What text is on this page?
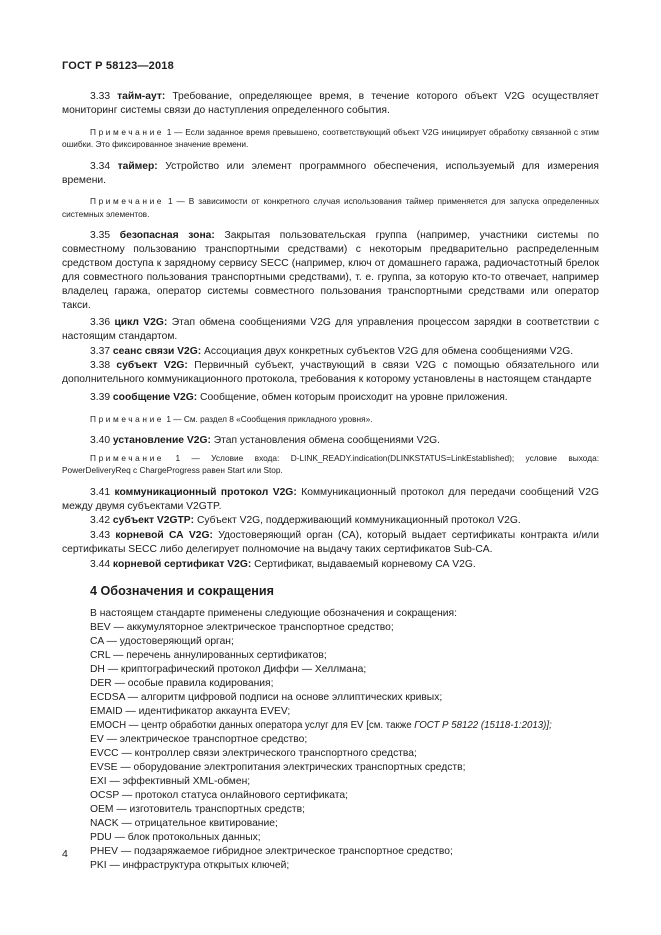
ГОСТ Р 58123—2018

3.33 тайм-аут: Требование, определяющее время, в течение которого объект V2G осуществляет мониторинг системы связи до наступления определенного события.

Примечание 1 — Если заданное время превышено, соответствующий объект V2G инициирует обработку связанной с этим ошибки. Это фиксированное значение времени.

3.34 таймер: Устройство или элемент программного обеспечения, используемый для измерения времени.

Примечание 1 — В зависимости от конкретного случая использования таймер применяется для запуска определенных системных элементов.

3.35 безопасная зона: Закрытая пользовательская группа (например, участники системы по совместному пользованию транспортными средствами) с некоторым предварительно распределенным средством доступа к зарядному сервису SECC (например, ключ от домашнего гаража, радиочастотный брелок для совместного пользования транспортными средствами), т. е. группа, за которую кто-то отвечает, например владелец гаража, оператор системы совместного пользования транспортными средствами или оператор такси.

3.36 цикл V2G: Этап обмена сообщениями V2G для управления процессом зарядки в соответствии с настоящим стандартом.

3.37 сеанс связи V2G: Ассоциация двух конкретных субъектов V2G для обмена сообщениями V2G.

3.38 субъект V2G: Первичный субъект, участвующий в связи V2G с помощью обязательного или дополнительного коммуникационного протокола, требования к которому установлены в настоящем стандарте

3.39 сообщение V2G: Сообщение, обмен которым происходит на уровне приложения.

Примечание 1 — См. раздел 8 «Сообщения прикладного уровня».

3.40 установление V2G: Этап установления обмена сообщениями V2G.

Примечание 1 — Условие входа: D-LINK_READY.indication(DLINKSTATUS=LinkEstablished); условие выхода: PowerDeliveryReq с ChargeProgress равен Start или Stop.

3.41 коммуникационный протокол V2G: Коммуникационный протокол для передачи сообщений V2G между двумя субъектами V2GTP.

3.42 субъект V2GTP: Субъект V2G, поддерживающий коммуникационный протокол V2G.

3.43 корневой СА V2G: Удостоверяющий орган (СА), который выдает сертификаты контракта и/или сертификаты SECC либо делегирует полномочие на выдачу таких сертификатов Sub-CA.

3.44 корневой сертификат V2G: Сертификат, выдаваемый корневому СА V2G.

4 Обозначения и сокращения

В настоящем стандарте применены следующие обозначения и сокращения:

BEV — аккумуляторное электрическое транспортное средство;

CA — удостоверяющий орган;

CRL — перечень аннулированных сертификатов;

DH — криптографический протокол Диффи — Хеллмана;

DER — особые правила кодирования;

ECDSA — алгоритм цифровой подписи на основе эллиптических кривых;

EMAID — идентификатор аккаунта EVEV;

EMOCH — центр обработки данных оператора услуг для EV [см. также ГОСТ Р 58122 (15118-1:2013)];

EV — электрическое транспортное средство;

EVCC — контроллер связи электрического транспортного средства;

EVSE — оборудование электропитания электрических транспортных средств;

EXI — эффективный XML-обмен;

OCSP — протокол статуса онлайнового сертификата;

OEM — изготовитель транспортных средств;

NACK — отрицательное квитирование;

PDU — блок протокольных данных;

PHEV — подзаряжаемое гибридное электрическое транспортное средство;

PKI — инфраструктура открытых ключей;

4
